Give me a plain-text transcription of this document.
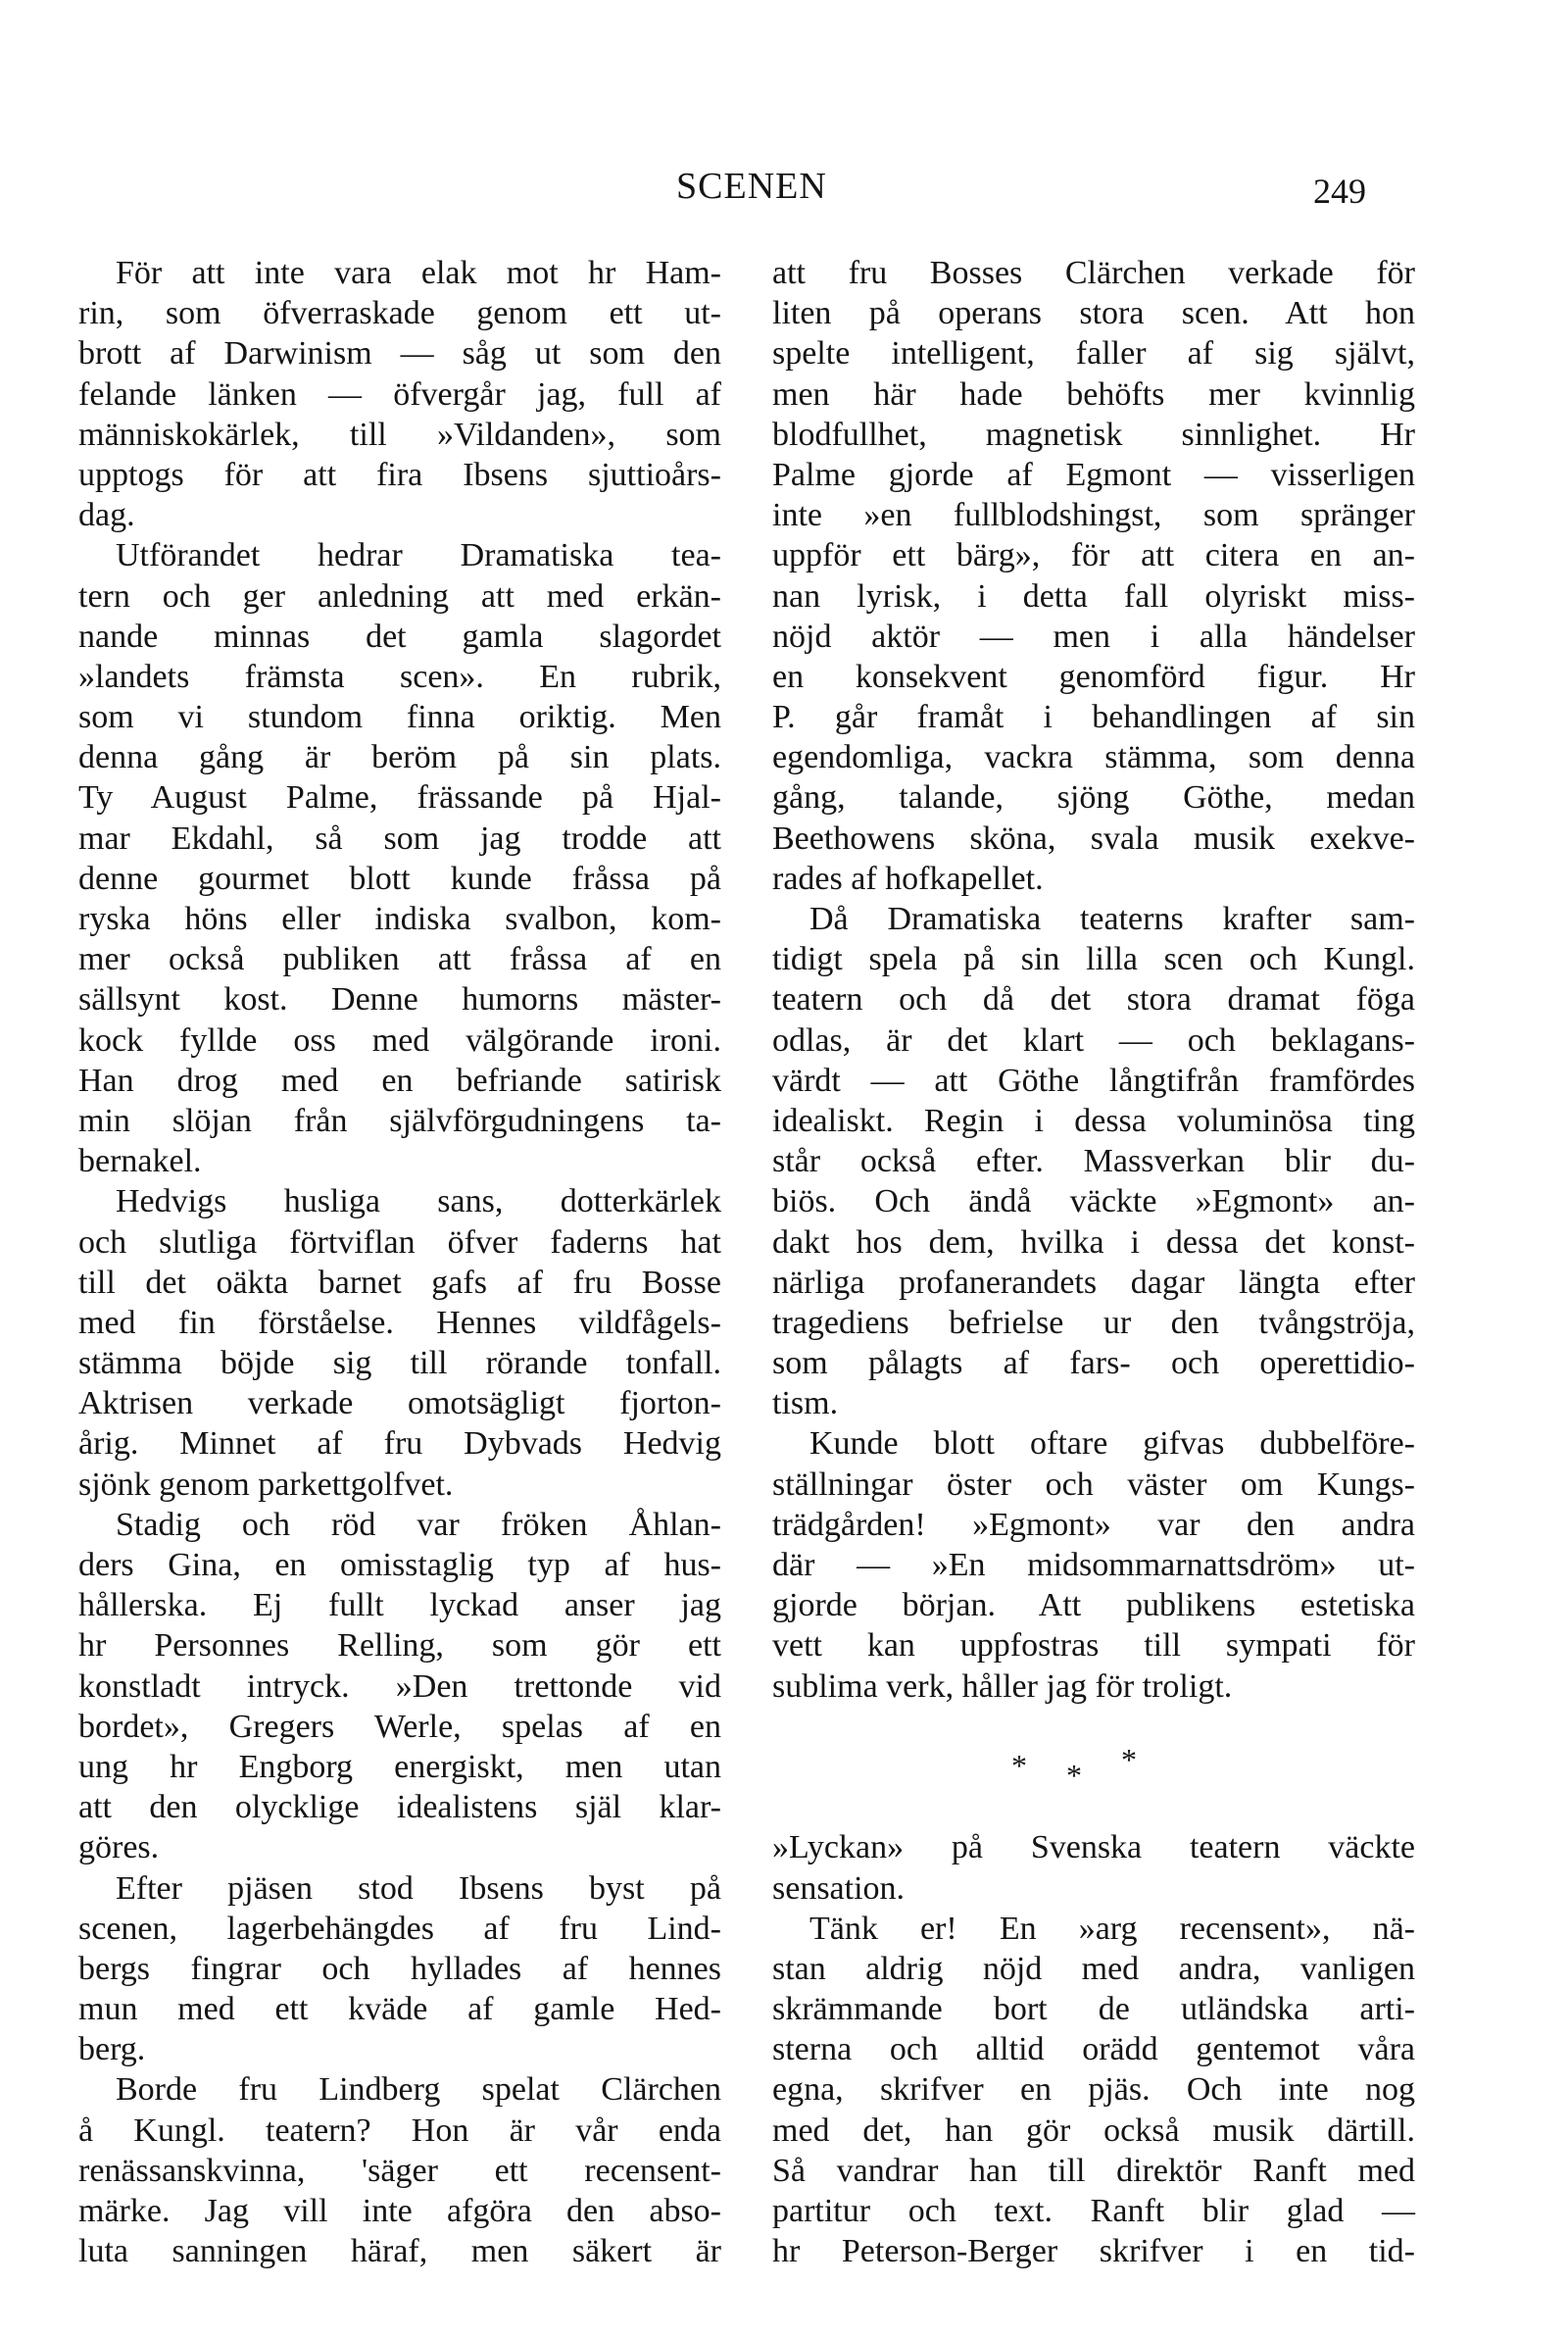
SCENEN	249
För att inte vara elak mot hr Ham-
rin, som öfverraskade genom ett ut-
brott af Darwinism — såg ut som den
felande länken — öfvergår jag, full af
människokärlek, till »Vildanden», som
upptogs för att fira Ibsens sjuttioårs-
dag.
Utförandet hedrar Dramatiska tea-
tern och ger anledning att med erkän-
nande minnas det gamla slagordet
»landets främsta scen». En rubrik,
som vi stundom finna oriktig. Men
denna gång är beröm på sin plats.
Ty August Palme, frässande på Hjal-
mar Ekdahl, så som jag trodde att
denne gourmet blott kunde fråssa på
ryska höns eller indiska svalbon, kom-
mer också publiken att fråssa af en
sällsynt kost. Denne humorns mäster-
kock fyllde oss med välgörande ironi.
Han drog med en befriande satirisk
min slöjan från självförgudningens ta-
bernakel.
Hedvigs husliga sans, dotterkärlek
och slutliga förtviflan öfver faderns hat
till det oäkta barnet gafs af fru Bosse
med fin förståelse. Hennes vildfågels-
stämma böjde sig till rörande tonfall.
Aktrisen verkade omotsägligt fjorton-
årig. Minnet af fru Dybvads Hedvig
sjönk genom parkettgolfvet.
Stadig och röd var fröken Åhlan-
ders Gina, en omisstaglig typ af hus-
hållerska. Ej fullt lyckad anser jag
hr Personnes Relling, som gör ett
konstladt intryck. »Den trettonde vid
bordet», Gregers Werle, spelas af en
ung hr Engborg energiskt, men utan
att den olycklige idealistens själ klar-
göres.
Efter pjäsen stod Ibsens byst på
scenen, lagerbehängdes af fru Lind-
bergs fingrar och hyllades af hennes
mun med ett kväde af gamle Hed-
berg.
Borde fru Lindberg spelat Clärchen
å Kungl. teatern? Hon är vår enda
renässanskvinna, 'säger ett recensent-
märke. Jag vill inte afgöra den abso-
luta sanningen häraf, men säkert är
att fru Bosses Clärchen verkade för
liten på operans stora scen. Att hon
spelte intelligent, faller af sig självt,
men här hade behöfts mer kvinnlig
blodfullhet, magnetisk sinnlighet. Hr
Palme gjorde af Egmont — visserligen
inte »en fullblodshingst, som spränger
uppför ett bärg», för att citera en an-
nan lyrisk, i detta fall olyriskt miss-
nöjd aktör — men i alla händelser
en konsekvent genomförd figur. Hr
P. går framåt i behandlingen af sin
egendomliga, vackra stämma, som denna
gång, talande, sjöng Göthe, medan
Beethowens sköna, svala musik exekve-
rades af hofkapellet.
Då Dramatiska teaterns krafter sam-
tidigt spela på sin lilla scen och Kungl.
teatern och då det stora dramat föga
odlas, är det klart — och beklagans-
värdt — att Göthe långtifrån framfördes
idealiskt. Regin i dessa voluminösa ting
står också efter. Massverkan blir du-
biös. Och ändå väckte »Egmont» an-
dakt hos dem, hvilka i dessa det konst-
närliga profanerandets dagar längta efter
tragediens befrielse ur den tvångströja,
som pålagts af fars- och operettidio-
tism.
Kunde blott oftare gifvas dubbelföre-
ställningar öster och väster om Kungs-
trädgården! »Egmont» var den andra
där — »En midsommarnattsdröm» ut-
gjorde början. Att publikens estetiska
vett kan uppfostras till sympati för
sublima verk, håller jag för troligt.
* * *
»Lyckan» på Svenska teatern väckte
sensation.
Tänk er! En »arg recensent», nä-
stan aldrig nöjd med andra, vanligen
skrämmande bort de utländska arti-
sterna och alltid orädd gentemot våra
egna, skrifver en pjäs. Och inte nog
med det, han gör också musik därtill.
Så vandrar han till direktör Ranft med
partitur och text. Ranft blir glad —
hr Peterson-Berger skrifver i en tid-
